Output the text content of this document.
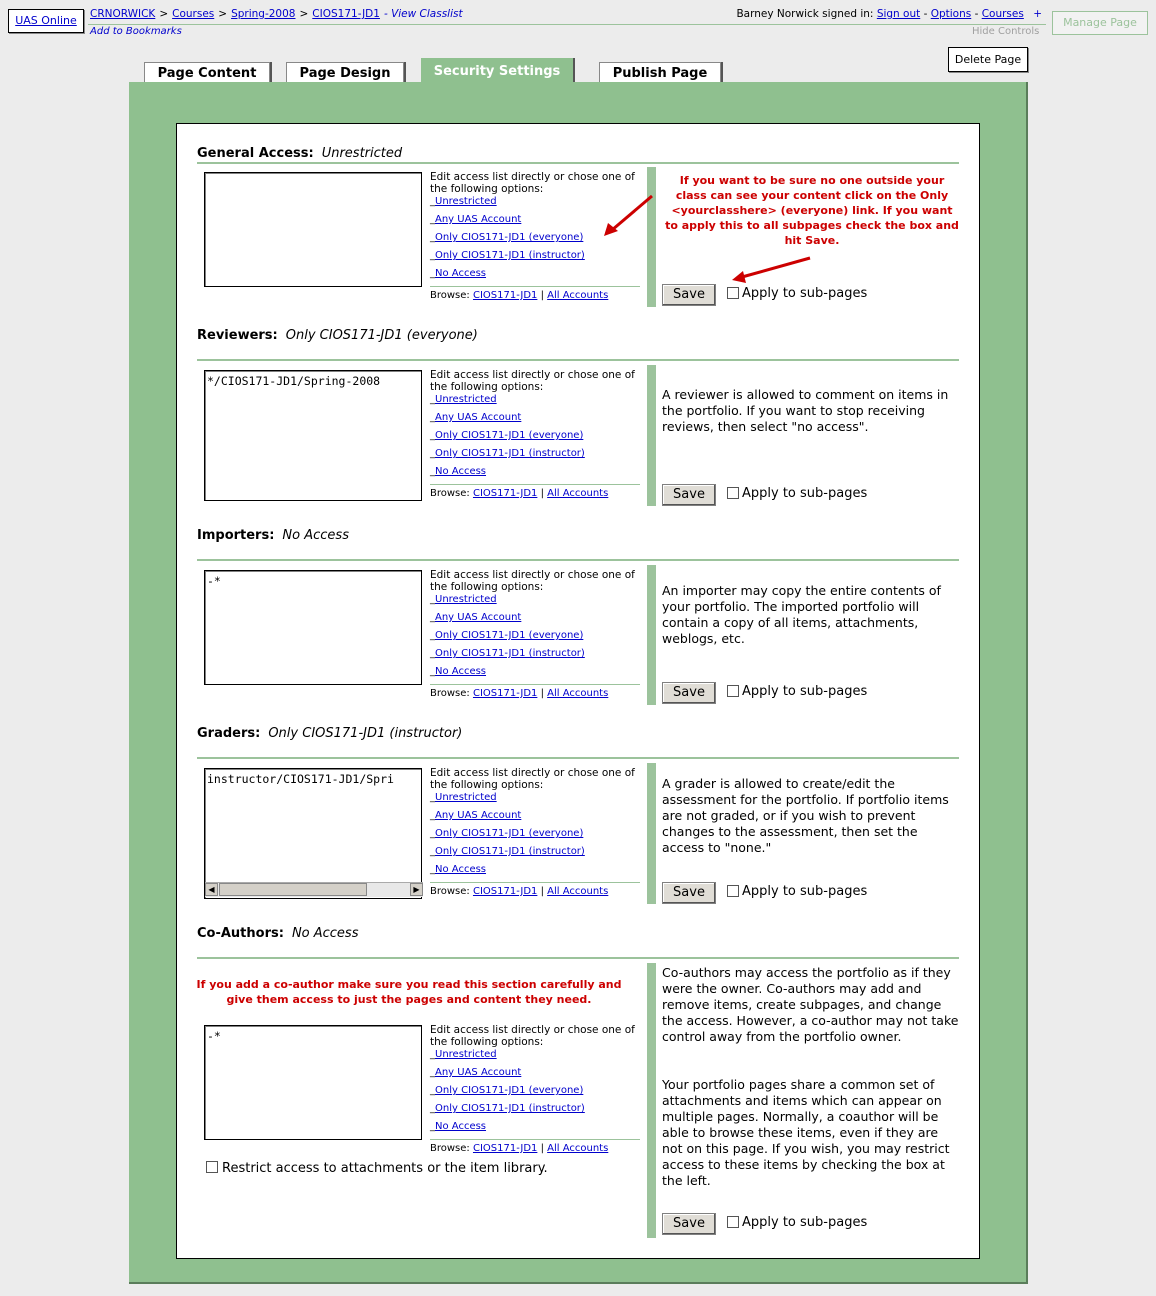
UAS Online	CRNORWICK > Courses > Spring-2008 > CIOS171-JD1 - View Classlist
Add to Bookmarks
Barney Norwick signed in: Sign out - Options - Courses +
Hide Controls
Manage Page
Page Content	Page Design	Security Settings	Publish Page
Delete Page
General Access: Unrestricted
Edit access list directly or chose one of the following options:
_ Unrestricted
_ Any UAS Account
_ Only CIOS171-JD1 (everyone)
_ Only CIOS171-JD1 (instructor)
_ No Access
Browse: CIOS171-JD1 | All Accounts
If you want to be sure no one outside your class can see your content click on the Only <yourclasshere> (everyone) link. If you want to apply this to all subpages check the box and hit Save.
Save	Apply to sub-pages
Reviewers: Only CIOS171-JD1 (everyone)
*/CIOS171-JD1/Spring-2008	Edit access list directly or chose one of the following options:
_ Unrestricted
_ Any UAS Account
_ Only CIOS171-JD1 (everyone)
_ Only CIOS171-JD1 (instructor)
_ No Access
Browse: CIOS171-JD1 | All Accounts
A reviewer is allowed to comment on items in the portfolio. If you want to stop receiving reviews, then select "no access".
Save	Apply to sub-pages
Importers: No Access
-*	Edit access list directly or chose one of the following options:
_ Unrestricted
_ Any UAS Account
_ Only CIOS171-JD1 (everyone)
_ Only CIOS171-JD1 (instructor)
_ No Access
Browse: CIOS171-JD1 | All Accounts
An importer may copy the entire contents of your portfolio. The imported portfolio will contain a copy of all items, attachments, weblogs, etc.
Save	Apply to sub-pages
Graders: Only CIOS171-JD1 (instructor)
instructor/CIOS171-JD1/Spri
◀	▶
Edit access list directly or chose one of the following options:
_ Unrestricted
_ Any UAS Account
_ Only CIOS171-JD1 (everyone)
_ Only CIOS171-JD1 (instructor)
_ No Access
Browse: CIOS171-JD1 | All Accounts
A grader is allowed to create/edit the assessment for the portfolio. If portfolio items are not graded, or if you wish to prevent changes to the assessment, then set the access to "none."
Save	Apply to sub-pages
Co-Authors: No Access
If you add a co-author make sure you read this section carefully and give them access to just the pages and content they need.
-*	Edit access list directly or chose one of the following options:
_ Unrestricted
_ Any UAS Account
_ Only CIOS171-JD1 (everyone)
_ Only CIOS171-JD1 (instructor)
_ No Access
Browse: CIOS171-JD1 | All Accounts
Restrict access to attachments or the item library.
Co-authors may access the portfolio as if they were the owner. Co-authors may add and remove items, create subpages, and change the access. However, a co-author may not take control away from the portfolio owner.
Your portfolio pages share a common set of attachments and items which can appear on multiple pages. Normally, a coauthor will be able to browse these items, even if they are not on this page. If you wish, you may restrict access to these items by checking the box at the left.
Save	Apply to sub-pages
